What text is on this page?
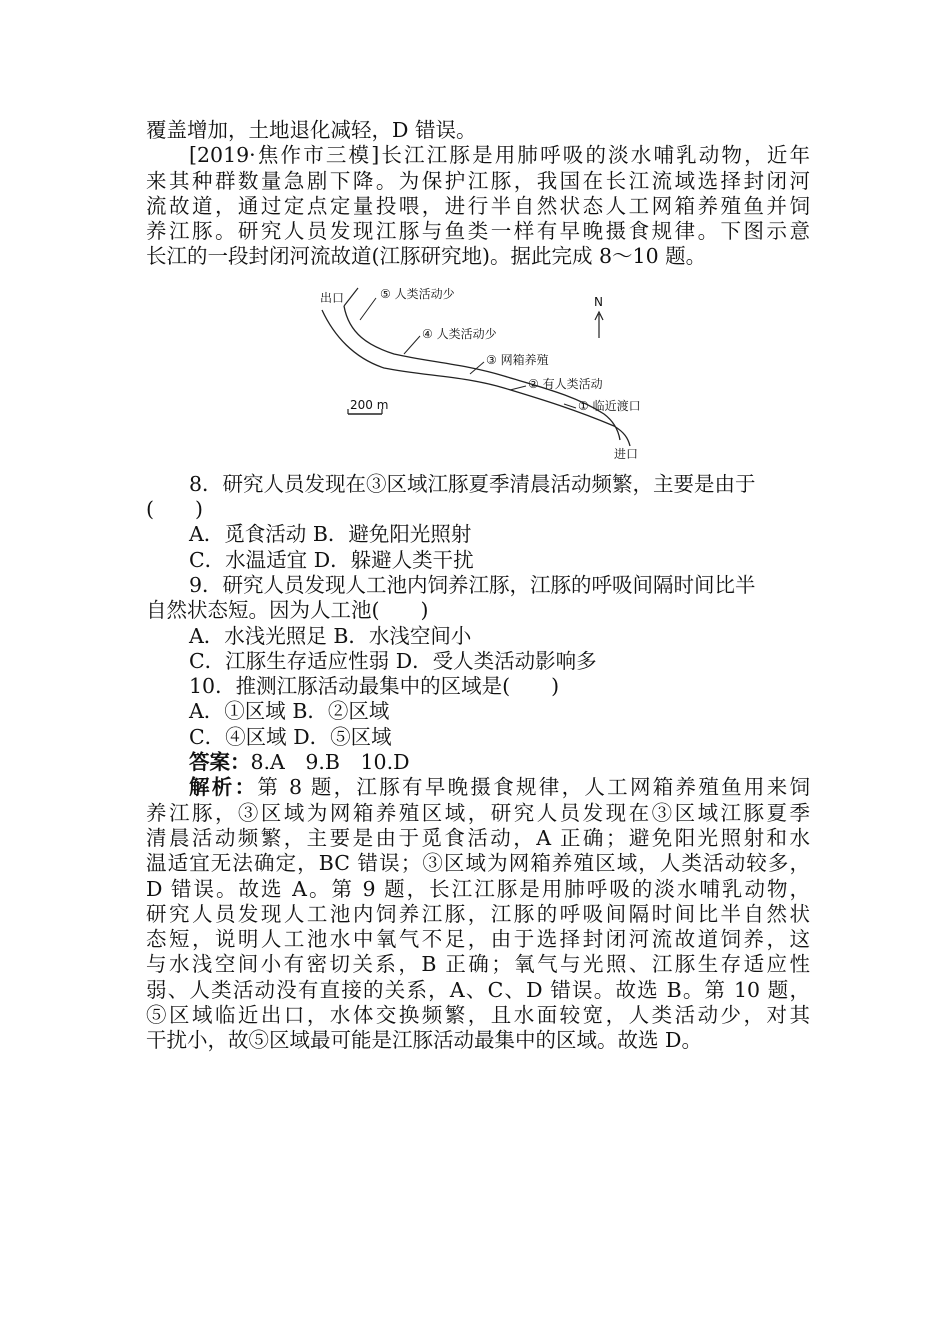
覆盖增加，土地退化减轻，D 错误。
[2019·焦作市三模]长江江豚是用肺呼吸的淡水哺乳动物，近年
来其种群数量急剧下降。为保护江豚，我国在长江流域选择封闭河
流故道，通过定点定量投喂，进行半自然状态人工网箱养殖鱼并饲
养江豚。研究人员发现江豚与鱼类一样有早晚摄食规律。下图示意
长江的一段封闭河流故道(江豚研究地)。据此完成 8～10 题。
出口	⑤ 人类活动少
④ 人类活动少
③ 网箱养殖
② 有人类活动
① 临近渡口
进口
N
200 m
8．研究人员发现在③区域江豚夏季清晨活动频繁，主要是由于
(　　)
A．觅食活动 B．避免阳光照射
C．水温适宜 D．躲避人类干扰
9．研究人员发现人工池内饲养江豚，江豚的呼吸间隔时间比半
自然状态短。因为人工池(　　)
A．水浅光照足 B．水浅空间小
C．江豚生存适应性弱 D．受人类活动影响多
10．推测江豚活动最集中的区域是(　　)
A．①区域 B．②区域
C．④区域 D．⑤区域
答案：8.A　9.B　10.D
解析：第 8 题，江豚有早晚摄食规律，人工网箱养殖鱼用来饲
养江豚，③区域为网箱养殖区域，研究人员发现在③区域江豚夏季
清晨活动频繁，主要是由于觅食活动，A 正确；避免阳光照射和水
温适宜无法确定，BC 错误；③区域为网箱养殖区域，人类活动较多，
D 错误。故选 A。第 9 题，长江江豚是用肺呼吸的淡水哺乳动物，
研究人员发现人工池内饲养江豚，江豚的呼吸间隔时间比半自然状
态短，说明人工池水中氧气不足，由于选择封闭河流故道饲养，这
与水浅空间小有密切关系，B 正确；氧气与光照、江豚生存适应性
弱、人类活动没有直接的关系，A、C、D 错误。故选 B。第 10 题，
⑤区域临近出口，水体交换频繁，且水面较宽，人类活动少，对其
干扰小，故⑤区域最可能是江豚活动最集中的区域。故选 D。
